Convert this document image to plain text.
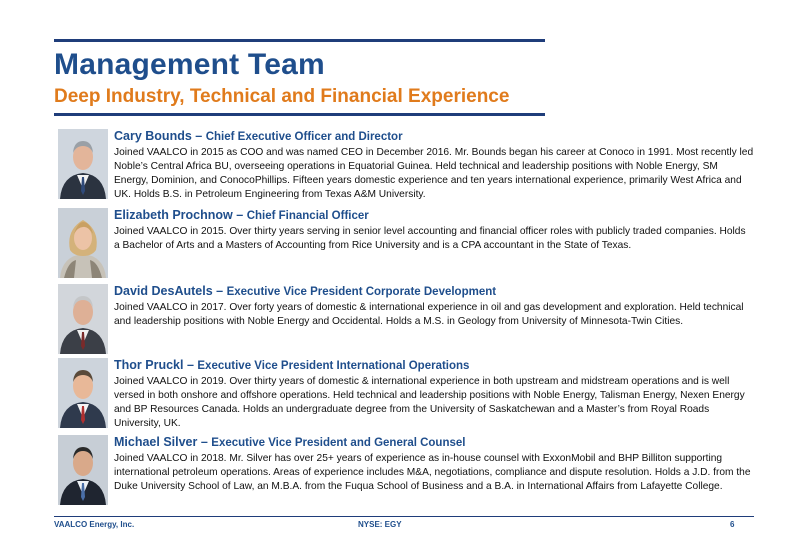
Management Team
Deep Industry, Technical and Financial Experience
Cary Bounds – Chief Executive Officer and Director
Joined VAALCO in 2015 as COO and was named CEO in December 2016. Mr. Bounds began his career at Conoco in 1991. Most recently led Noble’s Central Africa BU, overseeing operations in Equatorial Guinea. Held technical and leadership positions with Noble Energy, SM Energy, Dominion, and ConocoPhillips. Fifteen years domestic experience and ten years international experience, primarily West Africa and UK. Holds B.S. in Petroleum Engineering from Texas A&M University.
Elizabeth Prochnow – Chief Financial Officer
Joined VAALCO in 2015. Over thirty years serving in senior level accounting and financial officer roles with publicly traded companies. Holds a Bachelor of Arts and a Masters of Accounting from Rice University and is a CPA accountant in the State of Texas.
David DesAutels – Executive Vice President Corporate Development
Joined VAALCO in 2017. Over forty years of domestic & international experience in oil and gas development and exploration. Held technical and leadership positions with Noble Energy and Occidental. Holds a M.S. in Geology from University of Minnesota-Twin Cities.
Thor Pruckl – Executive Vice President International Operations
Joined VAALCO in 2019. Over thirty years of domestic & international experience in both upstream and midstream operations and is well versed in both onshore and offshore operations. Held technical and leadership positions with Noble Energy, Talisman Energy, Nexen Energy and BP Resources Canada. Holds an undergraduate degree from the University of Saskatchewan and a Master’s from Royal Roads University, UK.
Michael Silver – Executive Vice President and General Counsel
Joined VAALCO in 2018. Mr. Silver has over 25+ years of experience as in-house counsel with ExxonMobil and BHP Billiton supporting international petroleum operations. Areas of experience includes M&A, negotiations, compliance and dispute resolution. Holds a J.D. from the Duke University School of Law, an M.B.A. from the Fuqua School of Business and a B.A. in International Affairs from Lafayette College.
VAALCO Energy, Inc.	NYSE: EGY	6
